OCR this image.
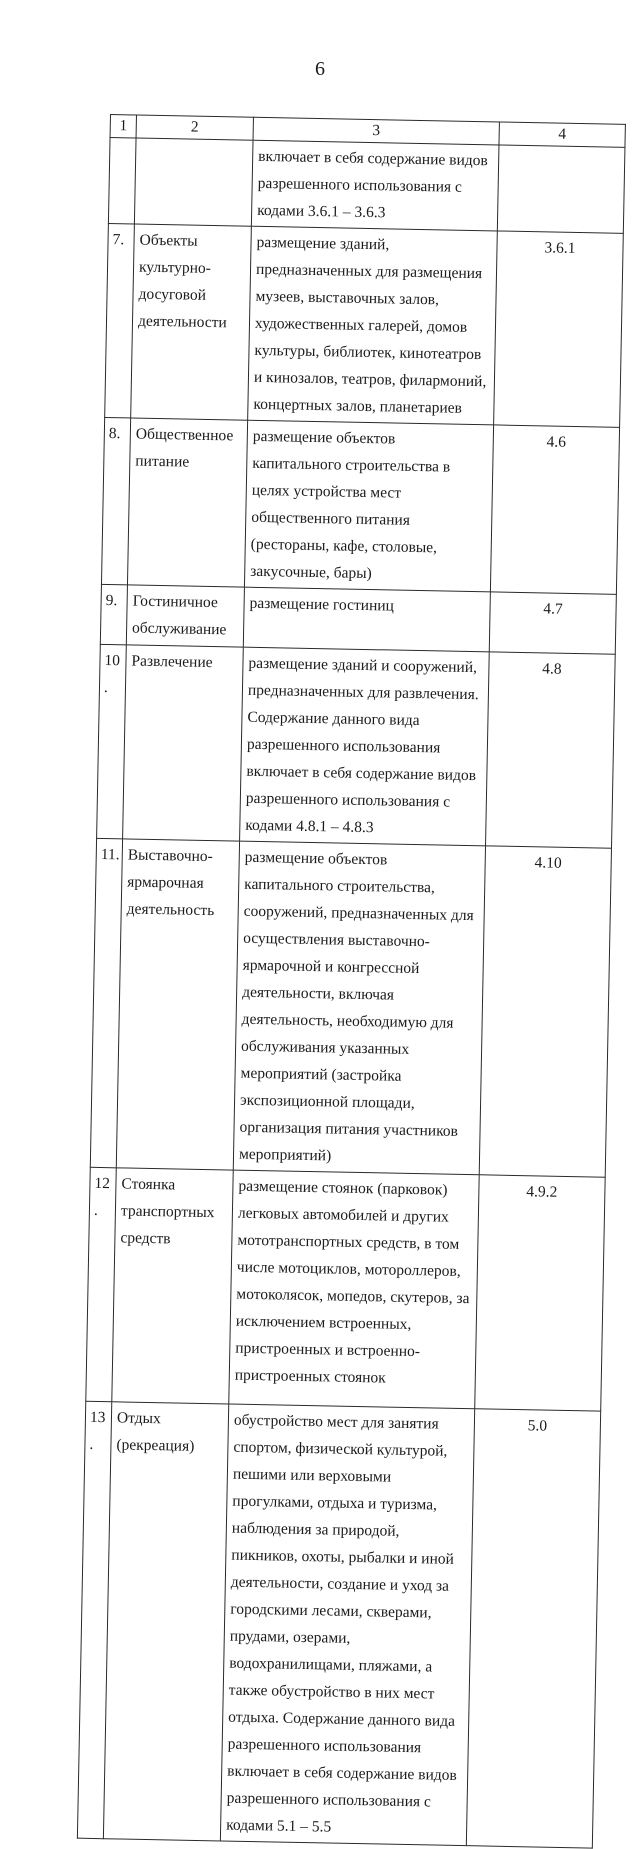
6
1	2	3	4
		включает в себя содержание видов разрешенного использования с кодами 3.6.1 – 3.6.3	
7.	Объекты культурно-досуговой деятельности	размещение зданий, предназначенных для размещения музеев, выставочных залов, художественных галерей, домов культуры, библиотек, кинотеатров и кинозалов, театров, филармоний, концертных залов, планетариев	3.6.1
8.	Общественное питание	размещение объектов капитального строительства в целях устройства мест общественного питания (рестораны, кафе, столовые, закусочные, бары)	4.6
9.	Гостиничное обслуживание	размещение гостиниц	4.7
10.	Развлечение	размещение зданий и сооружений, предназначенных для развлечения. Содержание данного вида разрешенного использования включает в себя содержание видов разрешенного использования с кодами 4.8.1 – 4.8.3	4.8
11.	Выставочно-ярмарочная деятельность	размещение объектов капитального строительства, сооружений, предназначенных для осуществления выставочно-ярмарочной и конгрессной деятельности, включая деятельность, необходимую для обслуживания указанных мероприятий (застройка экспозиционной площади, организация питания участников мероприятий)	4.10
12.	Стоянка транспортных средств	размещение стоянок (парковок) легковых автомобилей и других мототранспортных средств, в том числе мотоциклов, мотороллеров, мотоколясок, мопедов, скутеров, за исключением встроенных, пристроенных и встроенно-пристроенных стоянок	4.9.2
13.	Отдых (рекреация)	обустройство мест для занятия спортом, физической культурой, пешими или верховыми прогулками, отдыха и туризма, наблюдения за природой, пикников, охоты, рыбалки и иной деятельности, создание и уход за городскими лесами, скверами, прудами, озерами, водохранилищами, пляжами, а также обустройство в них мест отдыха. Содержание данного вида разрешенного использования включает в себя содержание видов разрешенного использования с кодами 5.1 – 5.5	5.0
